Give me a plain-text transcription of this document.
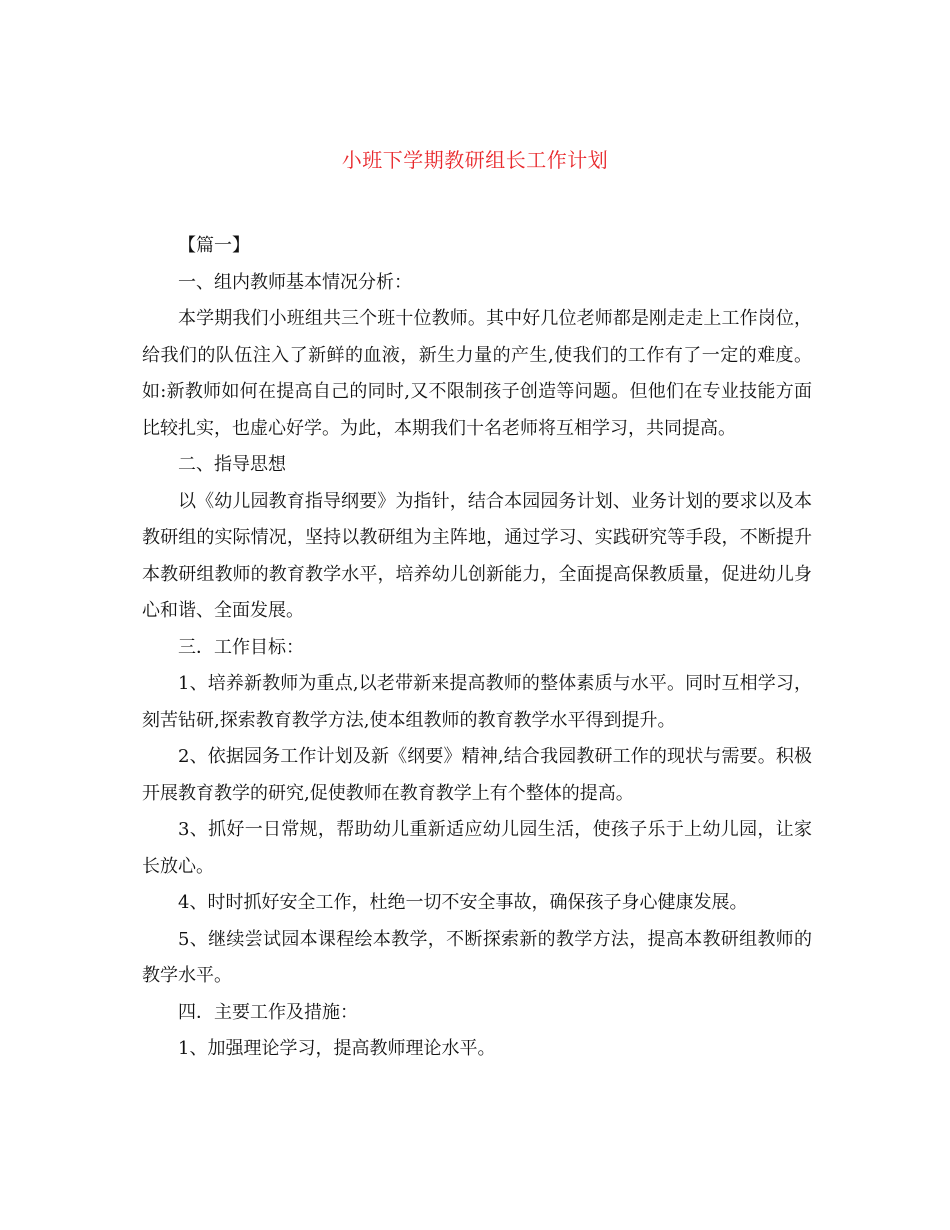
小班下学期教研组长工作计划

【篇一】

一、组内教师基本情况分析：

本学期我们小班组共三个班十位教师。其中好几位老师都是刚走走上工作岗位，给我们的队伍注入了新鲜的血液，新生力量的产生,使我们的工作有了一定的难度。如:新教师如何在提高自己的同时,又不限制孩子创造等问题。但他们在专业技能方面比较扎实，也虚心好学。为此，本期我们十名老师将互相学习，共同提高。

二、指导思想

以《幼儿园教育指导纲要》为指针，结合本园园务计划、业务计划的要求以及本教研组的实际情况，坚持以教研组为主阵地，通过学习、实践研究等手段，不断提升本教研组教师的教育教学水平，培养幼儿创新能力，全面提高保教质量，促进幼儿身心和谐、全面发展。

三．工作目标：

1、培养新教师为重点,以老带新来提高教师的整体素质与水平。同时互相学习，刻苦钻研,探索教育教学方法,使本组教师的教育教学水平得到提升。

2、依据园务工作计划及新《纲要》精神,结合我园教研工作的现状与需要。积极开展教育教学的研究,促使教师在教育教学上有个整体的提高。

3、抓好一日常规，帮助幼儿重新适应幼儿园生活，使孩子乐于上幼儿园，让家长放心。

4、时时抓好安全工作，杜绝一切不安全事故，确保孩子身心健康发展。

5、继续尝试园本课程绘本教学，不断探索新的教学方法，提高本教研组教师的教学水平。

四．主要工作及措施：

1、加强理论学习，提高教师理论水平。
